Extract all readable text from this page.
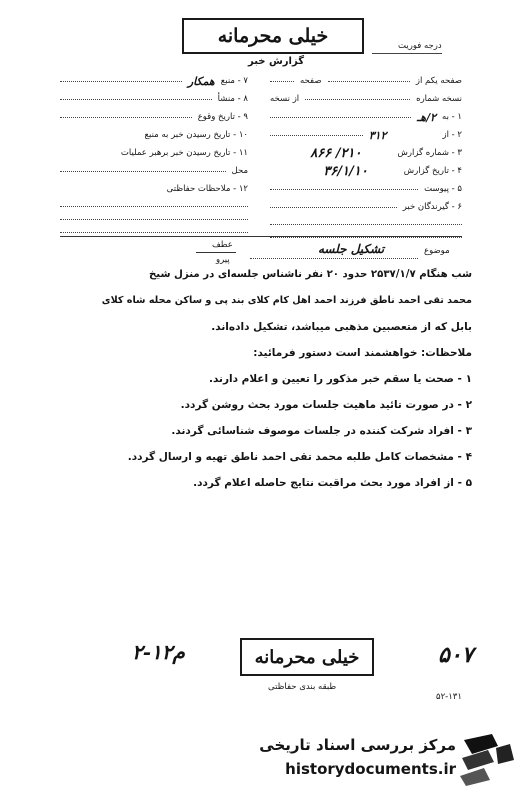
خیلی محرمانه
گزارش خبر
درجه فوریت
۷ - منبع
همکار
۸ - منشأ
۹ - تاریخ وقوع
۱۰ - تاریخ رسیدن خبر به منبع
۱۱ - تاریخ رسیدن خبر برهبر عملیات
محل
۱۲ - ملاحظات حفاظتی
صفحه یکم از
صفحه
نسخه شماره
از نسخه
۱ - به
۲/هـ
۲ - از
۳۱۲
۳ - شماره گزارش
۲۱۰/ ۸۶۶
۴ - تاریخ گزارش
۳۶/۱/۱۰
۵ - پیوست
۶ - گیرندگان خبر
عطف
پیرو
موضوع
تشکیل جلسه
شب هنگام ۲۵۳۷/۱/۷ حدود ۲۰ نفر ناشناس جلسه‌ای در منزل شیخ
محمد تقی احمد ناطق فرزند احمد اهل کام کلای بند پی و ساکن محله شاه کلای
بابل که از متعصبین مذهبی میباشد، تشکیل داده‌اند.
ملاحظات: خواهشمند است دستور فرمائید:
۱ - صحت یا سقم خبر مذکور را تعیین و اعلام دارند.
۲ - در صورت تائید ماهیت جلسات مورد بحث روشن گردد.
۳ - افراد شرکت کننده در جلسات موصوف شناسائی گردند.
۴ - مشخصات کامل طلبه محمد تقی احمد ناطق تهیه و ارسال گردد.
۵ - از افراد مورد بحث مراقبت نتایج حاصله اعلام گردد.
خیلی محرمانه
۲-۱۲م
طبقه بندی حفاظتی
۵۰۷
۵۲-۱۳۱
مرکز بررسی اسناد تاریخی
historydocuments.ir
